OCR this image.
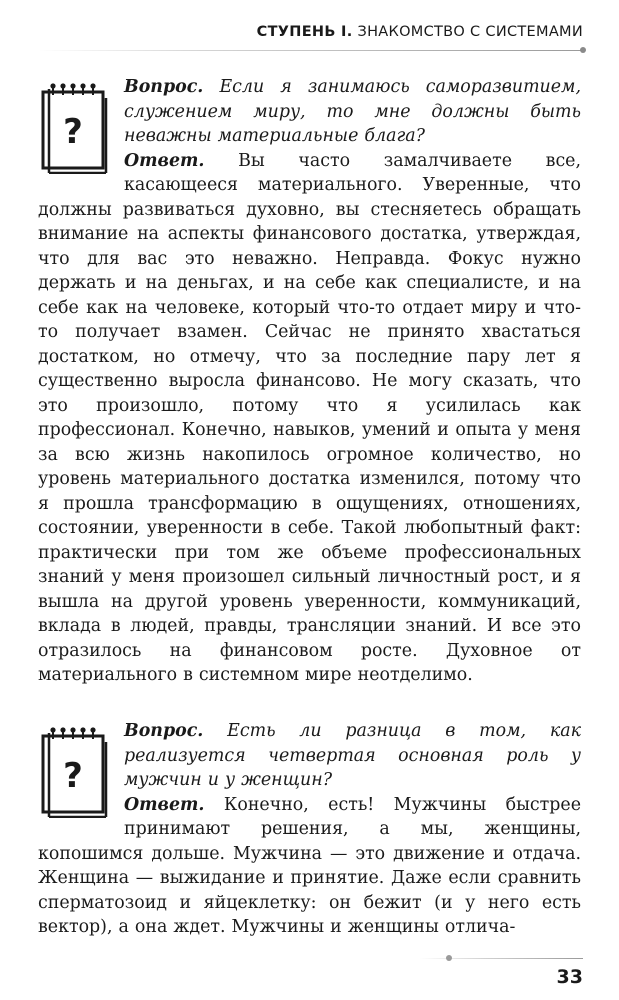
СТУПЕНЬ I. ЗНАКОМСТВО С СИСТЕМАМИ
?

Вопрос. Если я занимаюсь саморазвитием, служением миру, то мне должны быть неважны материальные блага?

Ответ. Вы часто замалчиваете все, касающееся материального. Уверенные, что должны развиваться духовно, вы стесняетесь обращать внимание на аспекты финансового достатка, утверждая, что для вас это неважно. Неправда. Фокус нужно держать и на деньгах, и на себе как специалисте, и на себе как на человеке, который что-то отдает миру и что-то получает взамен. Сейчас не принято хвастаться достатком, но отмечу, что за последние пару лет я существенно выросла финансово. Не могу сказать, что это произошло, потому что я усилилась как профессионал. Конечно, навыков, умений и опыта у меня за всю жизнь накопилось огромное количество, но уровень материального достатка изменился, потому что я прошла трансформацию в ощущениях, отношениях, состоянии, уверенности в себе. Такой любопытный факт: практически при том же объеме профессиональных знаний у меня произошел сильный личностный рост, и я вышла на другой уровень уверенности, коммуникаций, вклада в людей, правды, трансляции знаний. И все это отразилось на финансовом росте. Духовное от материального в системном мире неотделимо.

?

Вопрос. Есть ли разница в том, как реализуется четвертая основная роль у мужчин и у женщин?

Ответ. Конечно, есть! Мужчины быстрее принимают решения, а мы, женщины, копошимся дольше. Мужчина — это движение и отдача. Женщина — выжидание и принятие. Даже если сравнить сперматозоид и яйцеклетку: он бежит (и у него есть вектор), а она ждет. Мужчины и женщины отлича-

33
